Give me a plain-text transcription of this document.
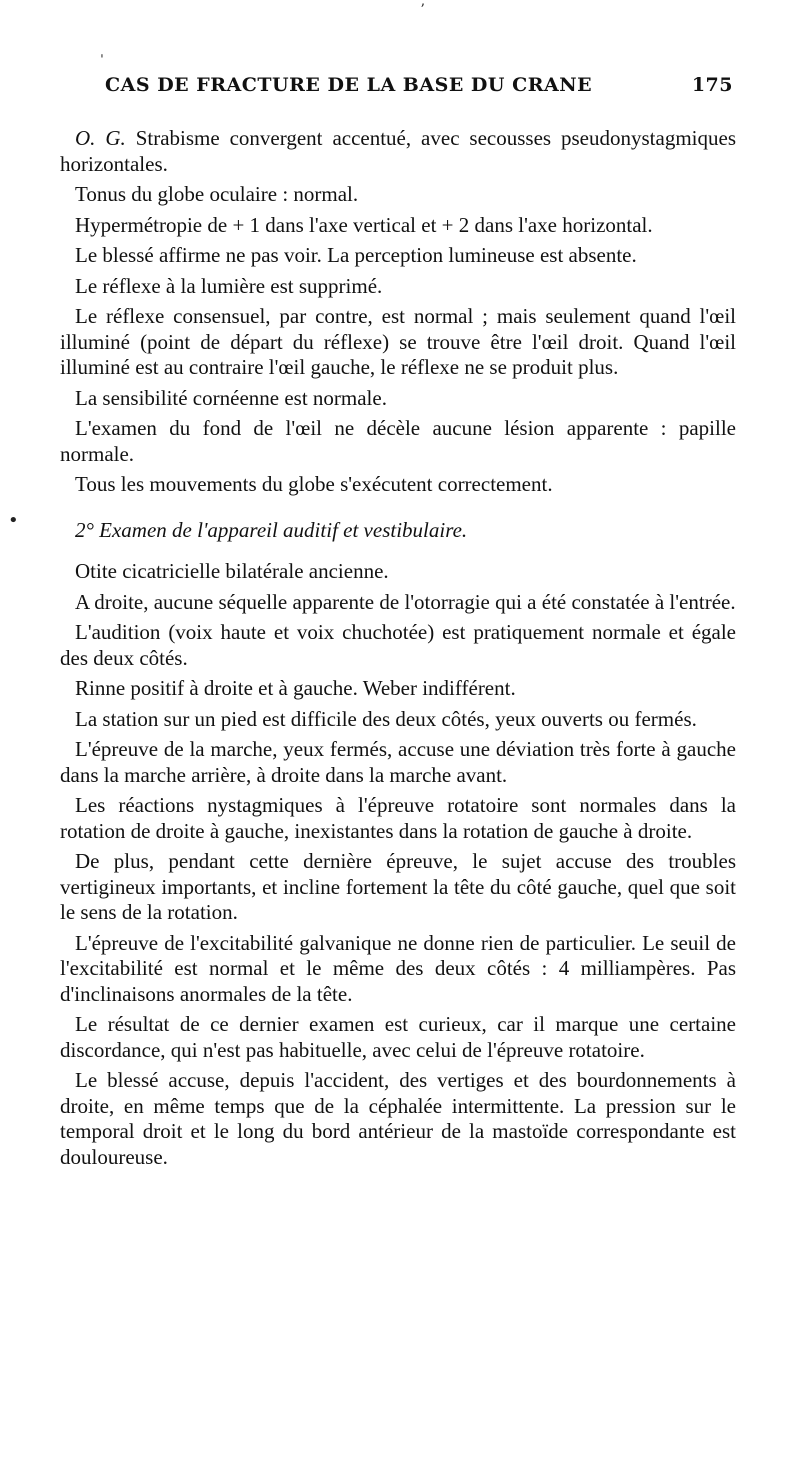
CAS DE FRACTURE DE LA BASE DU CRANE	175

O. G. Strabisme convergent accentué, avec secousses pseudonystagmiques horizontales.

Tonus du globe oculaire : normal.

Hypermétropie de + 1 dans l'axe vertical et + 2 dans l'axe horizontal.

Le blessé affirme ne pas voir. La perception lumineuse est absente.

Le réflexe à la lumière est supprimé.

Le réflexe consensuel, par contre, est normal ; mais seulement quand l'œil illuminé (point de départ du réflexe) se trouve être l'œil droit. Quand l'œil illuminé est au contraire l'œil gauche, le réflexe ne se produit plus.

La sensibilité cornéenne est normale.

L'examen du fond de l'œil ne décèle aucune lésion apparente : papille normale.

Tous les mouvements du globe s'exécutent correctement.

2° Examen de l'appareil auditif et vestibulaire.

Otite cicatricielle bilatérale ancienne.

A droite, aucune séquelle apparente de l'otorragie qui a été constatée à l'entrée.

L'audition (voix haute et voix chuchotée) est pratiquement normale et égale des deux côtés.

Rinne positif à droite et à gauche. Weber indifférent.

La station sur un pied est difficile des deux côtés, yeux ouverts ou fermés.

L'épreuve de la marche, yeux fermés, accuse une déviation très forte à gauche dans la marche arrière, à droite dans la marche avant.

Les réactions nystagmiques à l'épreuve rotatoire sont normales dans la rotation de droite à gauche, inexistantes dans la rotation de gauche à droite.

De plus, pendant cette dernière épreuve, le sujet accuse des troubles vertigineux importants, et incline fortement la tête du côté gauche, quel que soit le sens de la rotation.

L'épreuve de l'excitabilité galvanique ne donne rien de particulier. Le seuil de l'excitabilité est normal et le même des deux côtés : 4 milliampères. Pas d'inclinaisons anormales de la tête.

Le résultat de ce dernier examen est curieux, car il marque une certaine discordance, qui n'est pas habituelle, avec celui de l'épreuve rotatoire.

Le blessé accuse, depuis l'accident, des vertiges et des bourdonnements à droite, en même temps que de la céphalée intermittente. La pression sur le temporal droit et le long du bord antérieur de la mastoïde correspondante est douloureuse.

ʼ
ˌ
•
